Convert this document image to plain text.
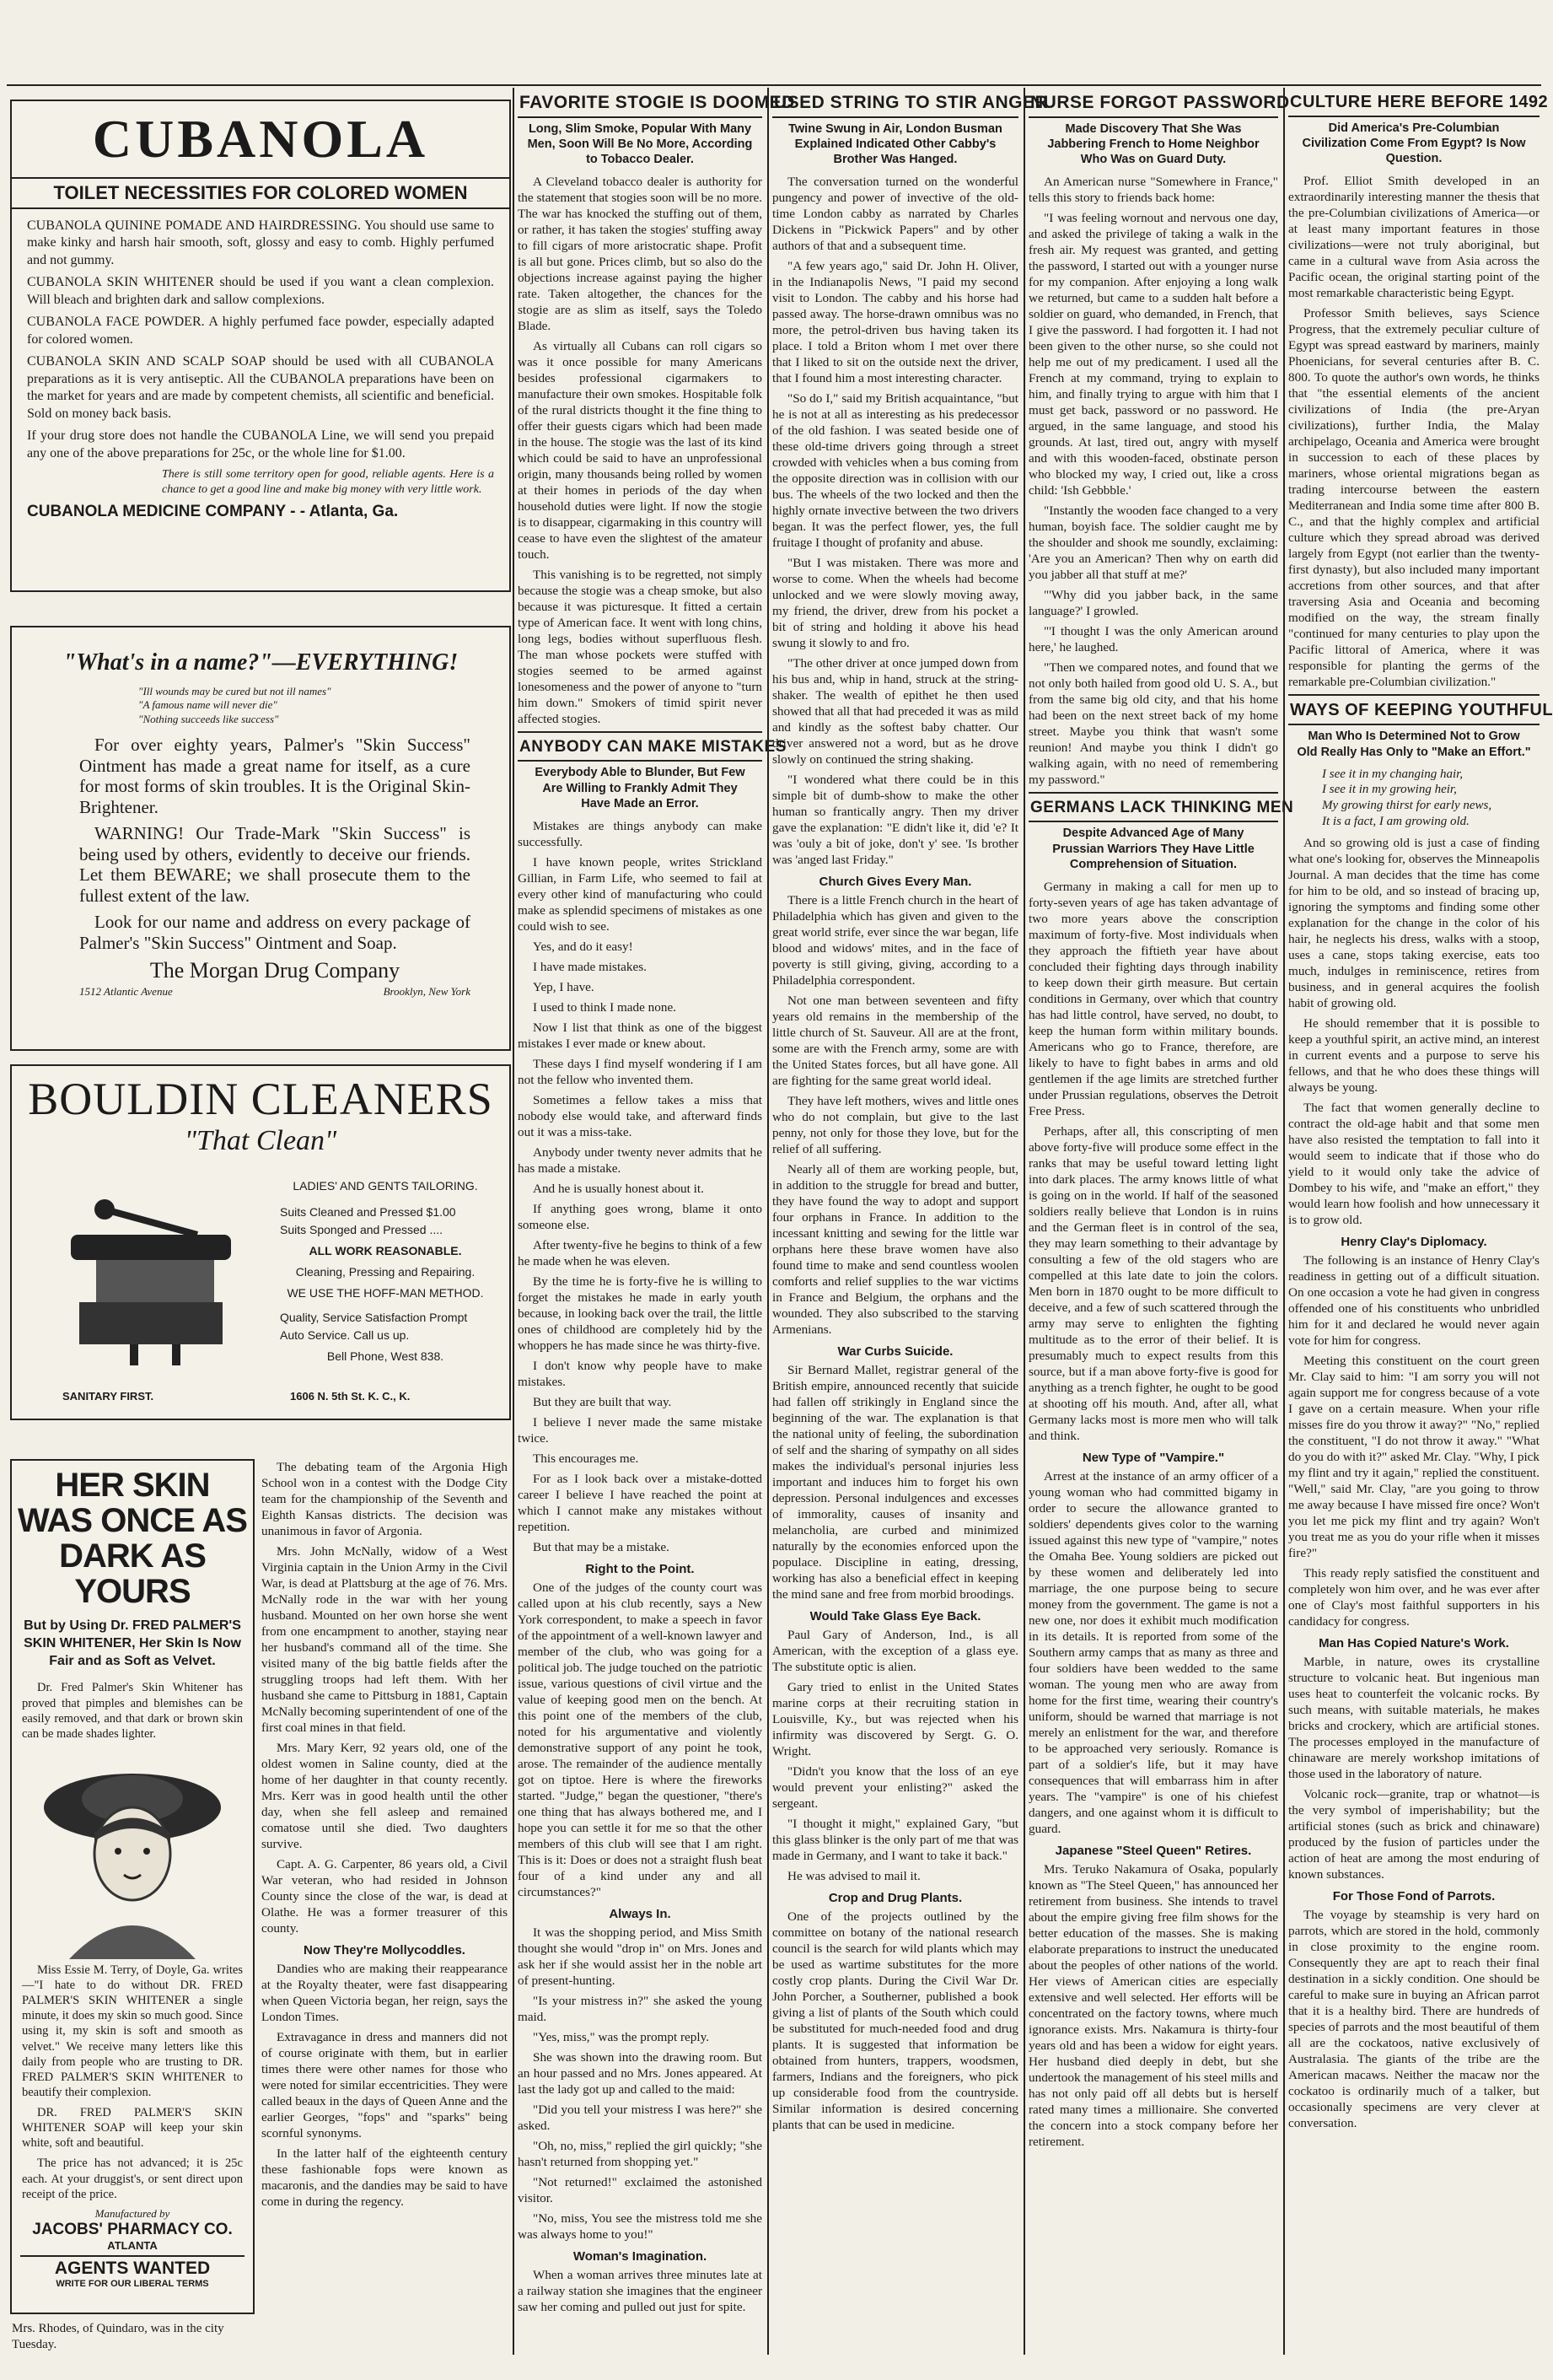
CUBANOLA
TOILET NECESSITIES FOR COLORED WOMEN

CUBANOLA QUININE POMADE AND HAIRDRESSING. You should use same to make kinky and harsh hair smooth, soft, glossy and easy to comb. Highly perfumed and not gummy.

CUBANOLA SKIN WHITENER should be used if you want a clean complexion. Will bleach and brighten dark and sallow complexions.

CUBANOLA FACE POWDER. A highly perfumed face powder, especially adapted for colored women.

CUBANOLA SKIN AND SCALP SOAP should be used with all CUBANOLA preparations as it is very antiseptic. All the CUBANOLA preparations have been on the market for years and are made by competent chemists, all scientific and beneficial. Sold on money back basis.

If your drug store does not handle the CUBANOLA Line, we will send you prepaid any one of the above preparations for 25c, or the whole line for $1.00.

There is still some territory open for good, reliable agents. Here is a chance to get a good line and make big money with very little work.

CUBANOLA MEDICINE COMPANY - - Atlanta, Ga.
"What's in a name?"—EVERYTHING!
"Ill wounds may be cured but not ill names"
"A famous name will never die"
"Nothing succeeds like success"

For over eighty years, Palmer's "Skin Success" Ointment has made a great name for itself, as a cure for most forms of skin troubles. It is the Original Skin-Brightener.

WARNING! Our Trade-Mark "Skin Success" is being used by others, evidently to deceive our friends. Let them BEWARE; we shall prosecute them to the fullest extent of the law.

Look for our name and address on every package of Palmer's "Skin Success" Ointment and Soap.

The Morgan Drug Company
1512 Atlantic Avenue	Brooklyn, New York
BOULDIN CLEANERS
"That Clean"
SANITARY FIRST.
LADIES' AND GENTS TAILORING.
Suits Cleaned and Pressed $1.00
Suits Sponged and Pressed ....
ALL WORK REASONABLE.
Cleaning, Pressing and Repairing.
WE USE THE HOFF-MAN METHOD.
Quality, Service Satisfaction Prompt Auto Service. Call us up.
Bell Phone, West 838.
1606 N. 5th St. K. C., K.
HER SKIN WAS ONCE AS DARK AS YOURS
But by Using Dr. FRED PALMER'S SKIN WHITENER, Her Skin Is Now Fair and as Soft as Velvet.

Dr. Fred Palmer's Skin Whitener has proved that pimples and blemishes can be easily removed, and that dark or brown skin can be made shades lighter.

Miss Essie M. Terry, of Doyle, Ga. writes—"I hate to do without DR. FRED PALMER'S SKIN WHITENER a single minute, it does my skin so much good. Since using it, my skin is soft and smooth as velvet." We receive many letters like this daily from people who are trusting to DR. FRED PALMER'S SKIN WHITENER to beautify their complexion.

DR. FRED PALMER'S SKIN WHITENER SOAP will keep your skin white, soft and beautiful.

The price has not advanced; it is 25c each. At your druggist's, or sent direct upon receipt of the price.

Manufactured by
JACOBS' PHARMACY CO.
ATLANTA
AGENTS WANTED
WRITE FOR OUR LIBERAL TERMS

The debating team of the Argonia High School won in a contest with the Dodge City team for the championship of the Seventh and Eighth Kansas districts. The decision was unanimous in favor of Argonia.

Mrs. John McNally, widow of a West Virginia captain in the Union Army in the Civil War, is dead at Plattsburg at the age of 76. Mrs. McNally rode in the war with her young husband. Mounted on her own horse she went from one encampment to another, staying near her husband's command all of the time. She visited many of the big battle fields after the struggling troops had left them. With her husband she came to Pittsburg in 1881, Captain McNally becoming superintendent of one of the first coal mines in that field.

Mrs. Mary Kerr, 92 years old, one of the oldest women in Saline county, died at the home of her daughter in that county recently. Mrs. Kerr was in good health until the other day, when she fell asleep and remained comatose until she died. Two daughters survive.

Capt. A. G. Carpenter, 86 years old, a Civil War veteran, who had resided in Johnson County since the close of the war, is dead at Olathe. He was a former treasurer of this county.

Now They're Mollycoddles.

Dandies who are making their reappearance at the Royalty theater, were fast disappearing when Queen Victoria began, her reign, says the London Times.

Extravagance in dress and manners did not of course originate with them, but in earlier times there were other names for those who were noted for similar eccentricities. They were called beaux in the days of Queen Anne and the earlier Georges, "fops" and "sparks" being scornful synonyms.

In the latter half of the eighteenth century these fashionable fops were known as macaronis, and the dandies may be said to have come in during the regency.

Mrs. Rhodes, of Quindaro, was in the city Tuesday.
FAVORITE STOGIE IS DOOMED
Long, Slim Smoke, Popular With Many Men, Soon Will Be No More, According to Tobacco Dealer.

A Cleveland tobacco dealer is authority for the statement that stogies soon will be no more. The war has knocked the stuffing out of them, or rather, it has taken the stogies' stuffing away to fill cigars of more aristocratic shape. Profit is all but gone. Prices climb, but so also do the objections increase against paying the higher rate. Taken altogether, the chances for the stogie are as slim as itself, says the Toledo Blade.

As virtually all Cubans can roll cigars so was it once possible for many Americans besides professional cigarmakers to manufacture their own smokes. Hospitable folk of the rural districts thought it the fine thing to offer their guests cigars which had been made in the house. The stogie was the last of its kind which could be said to have an unprofessional origin, many thousands being rolled by women at their homes in periods of the day when household duties were light. If now the stogie is to disappear, cigarmaking in this country will cease to have even the slightest of the amateur touch.

This vanishing is to be regretted, not simply because the stogie was a cheap smoke, but also because it was picturesque. It fitted a certain type of American face. It went with long chins, long legs, bodies without superfluous flesh. The man whose pockets were stuffed with stogies seemed to be armed against lonesomeness and the power of anyone to "turn him down." Smokers of timid spirit never affected stogies.

ANYBODY CAN MAKE MISTAKES
Everybody Able to Blunder, But Few Are Willing to Frankly Admit They Have Made an Error.

Mistakes are things anybody can make successfully.

I have known people, writes Strickland Gillian, in Farm Life, who seemed to fail at every other kind of manufacturing who could make as splendid specimens of mistakes as one could wish to see.

Yes, and do it easy!

I have made mistakes.

Yep, I have.

I used to think I made none.

Now I list that think as one of the biggest mistakes I ever made or knew about.

These days I find myself wondering if I am not the fellow who invented them.

Sometimes a fellow takes a miss that nobody else would take, and afterward finds out it was a miss-take.

Anybody under twenty never admits that he has made a mistake.

And he is usually honest about it.

If anything goes wrong, blame it onto someone else.

After twenty-five he begins to think of a few he made when he was eleven.

By the time he is forty-five he is willing to forget the mistakes he made in early youth because, in looking back over the trail, the little ones of childhood are completely hid by the whoppers he has made since he was thirty-five.

I don't know why people have to make mistakes.

But they are built that way.

I believe I never made the same mistake twice.

This encourages me.

For as I look back over a mistake-dotted career I believe I have reached the point at which I cannot make any mistakes without repetition.

But that may be a mistake.

Right to the Point.

One of the judges of the county court was called upon at his club recently, says a New York correspondent, to make a speech in favor of the appointment of a well-known lawyer and member of the club, who was going for a political job. The judge touched on the patriotic issue, various questions of civil virtue and the value of keeping good men on the bench. At this point one of the members of the club, noted for his argumentative and violently demonstrative support of any point he took, arose. The remainder of the audience mentally got on tiptoe. Here is where the fireworks started. "Judge," began the questioner, "there's one thing that has always bothered me, and I hope you can settle it for me so that the other members of this club will see that I am right. This is it: Does or does not a straight flush beat four of a kind under any and all circumstances?"

Always In.

It was the shopping period, and Miss Smith thought she would "drop in" on Mrs. Jones and ask her if she would assist her in the noble art of present-hunting.

"Is your mistress in?" she asked the young maid.

"Yes, miss," was the prompt reply.

She was shown into the drawing room. But an hour passed and no Mrs. Jones appeared. At last the lady got up and called to the maid:

"Did you tell your mistress I was here?" she asked.

"Oh, no, miss," replied the girl quickly; "she hasn't returned from shopping yet."

"Not returned!" exclaimed the astonished visitor.

"No, miss, You see the mistress told me she was always home to you!"

Woman's Imagination.

When a woman arrives three minutes late at a railway station she imagines that the engineer saw her coming and pulled out just for spite.

USED STRING TO STIR ANGER
Twine Swung in Air, London Busman Explained Indicated Other Cabby's Brother Was Hanged.

The conversation turned on the wonderful pungency and power of invective of the old-time London cabby as narrated by Charles Dickens in "Pickwick Papers" and by other authors of that and a subsequent time.

"A few years ago," said Dr. John H. Oliver, in the Indianapolis News, "I paid my second visit to London. The cabby and his horse had passed away. The horse-drawn omnibus was no more, the petrol-driven bus having taken its place. I told a Briton whom I met over there that I liked to sit on the outside next the driver, that I found him a most interesting character.

"So do I," said my British acquaintance, "but he is not at all as interesting as his predecessor of the old fashion. I was seated beside one of these old-time drivers going through a street crowded with vehicles when a bus coming from the opposite direction was in collision with our bus. The wheels of the two locked and then the highly ornate invective between the two drivers began. It was the perfect flower, yes, the full fruitage I thought of profanity and abuse.

"But I was mistaken. There was more and worse to come. When the wheels had become unlocked and we were slowly moving away, my friend, the driver, drew from his pocket a bit of string and holding it above his head swung it slowly to and fro.

"The other driver at once jumped down from his bus and, whip in hand, struck at the string-shaker. The wealth of epithet he then used showed that all that had preceded it was as mild and kindly as the softest baby chatter. Our driver answered not a word, but as he drove slowly on continued the string shaking.

"I wondered what there could be in this simple bit of dumb-show to make the other human so frantically angry. Then my driver gave the explanation: "E didn't like it, did 'e? It was 'ouly a bit of joke, don't y' see. 'Is brother was 'anged last Friday."

Church Gives Every Man.

There is a little French church in the heart of Philadelphia which has given and given to the great world strife, ever since the war began, life blood and widows' mites, and in the face of poverty is still giving, giving, according to a Philadelphia correspondent.

Not one man between seventeen and fifty years old remains in the membership of the little church of St. Sauveur. All are at the front, some are with the French army, some are with the United States forces, but all have gone. All are fighting for the same great world ideal.

They have left mothers, wives and little ones who do not complain, but give to the last penny, not only for those they love, but for the relief of all suffering.

Nearly all of them are working people, but, in addition to the struggle for bread and butter, they have found the way to adopt and support four orphans in France. In addition to the incessant knitting and sewing for the little war orphans here these brave women have also found time to make and send countless woolen comforts and relief supplies to the war victims in France and Belgium, the orphans and the wounded. They also subscribed to the starving Armenians.

War Curbs Suicide.

Sir Bernard Mallet, registrar general of the British empire, announced recently that suicide had fallen off strikingly in England since the beginning of the war. The explanation is that the national unity of feeling, the subordination of self and the sharing of sympathy on all sides makes the individual's personal injuries less important and induces him to forget his own depression. Personal indulgences and excesses of immorality, causes of insanity and melancholia, are curbed and minimized naturally by the economies enforced upon the populace. Discipline in eating, dressing, working has also a beneficial effect in keeping the mind sane and free from morbid broodings.

Would Take Glass Eye Back.

Paul Gary of Anderson, Ind., is all American, with the exception of a glass eye. The substitute optic is alien.

Gary tried to enlist in the United States marine corps at their recruiting station in Louisville, Ky., but was rejected when his infirmity was discovered by Sergt. G. O. Wright.

"Didn't you know that the loss of an eye would prevent your enlisting?" asked the sergeant.

"I thought it might," explained Gary, "but this glass blinker is the only part of me that was made in Germany, and I want to take it back."

He was advised to mail it.

Crop and Drug Plants.

One of the projects outlined by the committee on botany of the national research council is the search for wild plants which may be used as wartime substitutes for the more costly crop plants. During the Civil War Dr. John Porcher, a Southerner, published a book giving a list of plants of the South which could be substituted for much-needed food and drug plants. It is suggested that information be obtained from hunters, trappers, woodsmen, farmers, Indians and the foreigners, who pick up considerable food from the countryside. Similar information is desired concerning plants that can be used in medicine.

NURSE FORGOT PASSWORD
Made Discovery That She Was Jabbering French to Home Neighbor Who Was on Guard Duty.

An American nurse "Somewhere in France," tells this story to friends back home:

"I was feeling wornout and nervous one day, and asked the privilege of taking a walk in the fresh air. My request was granted, and getting the password, I started out with a younger nurse for my companion. After enjoying a long walk we returned, but came to a sudden halt before a soldier on guard, who demanded, in French, that I give the password. I had forgotten it. I had not been given to the other nurse, so she could not help me out of my predicament. I used all the French at my command, trying to explain to him, and finally trying to argue with him that I must get back, password or no password. He argued, in the same language, and stood his grounds. At last, tired out, angry with myself and with this wooden-faced, obstinate person who blocked my way, I cried out, like a cross child: 'Ish Gebbble.'

"Instantly the wooden face changed to a very human, boyish face. The soldier caught me by the shoulder and shook me soundly, exclaiming: 'Are you an American? Then why on earth did you jabber all that stuff at me?'

"'Why did you jabber back, in the same language?' I growled.

"'I thought I was the only American around here,' he laughed.

"Then we compared notes, and found that we not only both hailed from good old U. S. A., but from the same big old city, and that his home had been on the next street back of my home street. Maybe you think that wasn't some reunion! And maybe you think I didn't go walking again, with no need of remembering my password."

GERMANS LACK THINKING MEN
Despite Advanced Age of Many Prussian Warriors They Have Little Comprehension of Situation.

Germany in making a call for men up to forty-seven years of age has taken advantage of two more years above the conscription maximum of forty-five. Most individuals when they approach the fiftieth year have about concluded their fighting days through inability to keep down their girth measure. But certain conditions in Germany, over which that country has had little control, have served, no doubt, to keep the human form within military bounds. Americans who go to France, therefore, are likely to have to fight babes in arms and old gentlemen if the age limits are stretched further under Prussian regulations, observes the Detroit Free Press.

Perhaps, after all, this conscripting of men above forty-five will produce some effect in the ranks that may be useful toward letting light into dark places. The army knows little of what is going on in the world. If half of the seasoned soldiers really believe that London is in ruins and the German fleet is in control of the sea, they may learn something to their advantage by consulting a few of the old stagers who are compelled at this late date to join the colors. Men born in 1870 ought to be more difficult to deceive, and a few of such scattered through the army may serve to enlighten the fighting multitude as to the error of their belief. It is presumably much to expect results from this source, but if a man above forty-five is good for anything as a trench fighter, he ought to be good at shooting off his mouth. And, after all, what Germany lacks most is more men who will talk and think.

New Type of "Vampire."

Arrest at the instance of an army officer of a young woman who had committed bigamy in order to secure the allowance granted to soldiers' dependents gives color to the warning issued against this new type of "vampire," notes the Omaha Bee. Young soldiers are picked out by these women and deliberately led into marriage, the one purpose being to secure money from the government. The game is not a new one, nor does it exhibit much modification in its details. It is reported from some of the Southern army camps that as many as three and four soldiers have been wedded to the same woman. The young men who are away from home for the first time, wearing their country's uniform, should be warned that marriage is not merely an enlistment for the war, and therefore to be approached very seriously. Romance is part of a soldier's life, but it may have consequences that will embarrass him in after years. The "vampire" is one of his chiefest dangers, and one against whom it is difficult to guard.

Japanese "Steel Queen" Retires.

Mrs. Teruko Nakamura of Osaka, popularly known as "The Steel Queen," has announced her retirement from business. She intends to travel about the empire giving free film shows for the better education of the masses. She is making elaborate preparations to instruct the uneducated about the peoples of other nations of the world. Her views of American cities are especially extensive and well selected. Her efforts will be concentrated on the factory towns, where much ignorance exists. Mrs. Nakamura is thirty-four years old and has been a widow for eight years. Her husband died deeply in debt, but she undertook the management of his steel mills and has not only paid off all debts but is herself rated many times a millionaire. She converted the concern into a stock company before her retirement.

CULTURE HERE BEFORE 1492
Did America's Pre-Columbian Civilization Come From Egypt? Is Now Question.

Prof. Elliot Smith developed in an extraordinarily interesting manner the thesis that the pre-Columbian civilizations of America—or at least many important features in those civilizations—were not truly aboriginal, but came in a cultural wave from Asia across the Pacific ocean, the original starting point of the most remarkable characteristic being Egypt.

Professor Smith believes, says Science Progress, that the extremely peculiar culture of Egypt was spread eastward by mariners, mainly Phoenicians, for several centuries after B. C. 800. To quote the author's own words, he thinks that "the essential elements of the ancient civilizations of India (the pre-Aryan civilizations), further India, the Malay archipelago, Oceania and America were brought in succession to each of these places by mariners, whose oriental migrations began as trading intercourse between the eastern Mediterranean and India some time after 800 B. C., and that the highly complex and artificial culture which they spread abroad was derived largely from Egypt (not earlier than the twenty-first dynasty), but also included many important accretions from other sources, and that after traversing Asia and Oceania and becoming modified on the way, the stream finally "continued for many centuries to play upon the Pacific littoral of America, where it was responsible for planting the germs of the remarkable pre-Columbian civilization."

WAYS OF KEEPING YOUTHFUL
Man Who Is Determined Not to Grow Old Really Has Only to "Make an Effort."
I see it in my changing hair,
I see it in my growing heir,
My growing thirst for early news,
It is a fact, I am growing old.

And so growing old is just a case of finding what one's looking for, observes the Minneapolis Journal. A man decides that the time has come for him to be old, and so instead of bracing up, ignoring the symptoms and finding some other explanation for the change in the color of his hair, he neglects his dress, walks with a stoop, uses a cane, stops taking exercise, eats too much, indulges in reminiscence, retires from business, and in general acquires the foolish habit of growing old.

He should remember that it is possible to keep a youthful spirit, an active mind, an interest in current events and a purpose to serve his fellows, and that he who does these things will always be young.

The fact that women generally decline to contract the old-age habit and that some men have also resisted the temptation to fall into it would seem to indicate that if those who do yield to it would only take the advice of Dombey to his wife, and "make an effort," they would learn how foolish and how unnecessary it is to grow old.

Henry Clay's Diplomacy.

The following is an instance of Henry Clay's readiness in getting out of a difficult situation. On one occasion a vote he had given in congress offended one of his constituents who unbridled him for it and declared he would never again vote for him for congress.

Meeting this constituent on the court green Mr. Clay said to him: "I am sorry you will not again support me for congress because of a vote I gave on a certain measure. When your rifle misses fire do you throw it away?" "No," replied the constituent, "I do not throw it away." "What do you do with it?" asked Mr. Clay. "Why, I pick my flint and try it again," replied the constituent. "Well," said Mr. Clay, "are you going to throw me away because I have missed fire once? Won't you let me pick my flint and try again? Won't you treat me as you do your rifle when it misses fire?"

This ready reply satisfied the constituent and completely won him over, and he was ever after one of Clay's most faithful supporters in his candidacy for congress.

Man Has Copied Nature's Work.

Marble, in nature, owes its crystalline structure to volcanic heat. But ingenious man uses heat to counterfeit the volcanic rocks. By such means, with suitable materials, he makes bricks and crockery, which are artificial stones. The processes employed in the manufacture of chinaware are merely workshop imitations of those used in the laboratory of nature.

Volcanic rock—granite, trap or whatnot—is the very symbol of imperishability; but the artificial stones (such as brick and chinaware) produced by the fusion of particles under the action of heat are among the most enduring of known substances.

For Those Fond of Parrots.

The voyage by steamship is very hard on parrots, which are stored in the hold, commonly in close proximity to the engine room. Consequently they are apt to reach their final destination in a sickly condition. One should be careful to make sure in buying an African parrot that it is a healthy bird. There are hundreds of species of parrots and the most beautiful of them all are the cockatoos, native exclusively of Australasia. The giants of the tribe are the American macaws. Neither the macaw nor the cockatoo is ordinarily much of a talker, but occasionally specimens are very clever at conversation.
